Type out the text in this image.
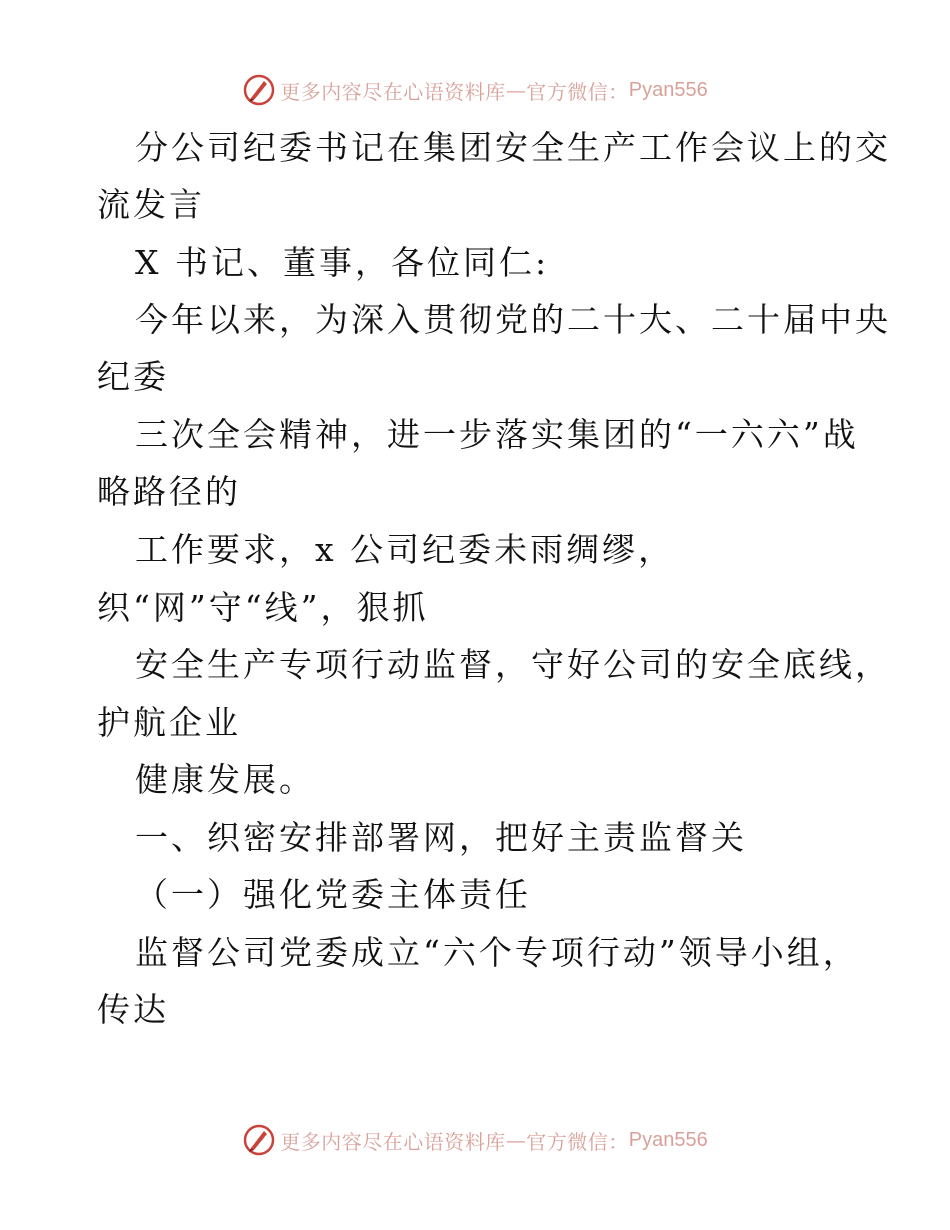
更多内容尽在心语资料库 — 官方微信： Pyan556
分公司纪委书记在集团安全生产工作会议上的交
流发言
X 书记、董事，各位同仁:
今年以来，为深入贯彻党的二十大、二十届中央
纪委
三次全会精神，进一步落实集团的“一六六”战
略路径的
工作要求，x 公司纪委未雨绸缪，
织“网”守“线”，狠抓
安全生产专项行动监督，守好公司的安全底线，
护航企业
健康发展。
一、织密安排部署网，把好主责监督关
（一）强化党委主体责任
监督公司党委成立“六个专项行动”领导小组，
传达
更多内容尽在心语资料库 — 官方微信： Pyan556
